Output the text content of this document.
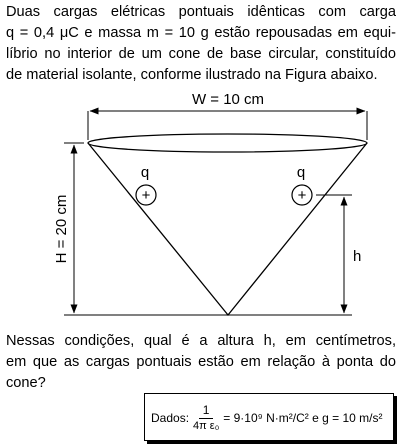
Duas cargas elétricas pontuais idênticas com carga
q = 0,4 μC e massa m = 10 g estão repousadas em equi-
líbrio no interior de um cone de base circular, constituído
de material isolante, conforme ilustrado na Figura abaixo.
W = 10 cm
H = 20 cm	h
q
+
q
+
Nessas condições, qual é a altura h, em centímetros,
em que as cargas pontuais estão em relação à ponta do
cone?
Dados: $\frac{1}{\text{4π ε₀}} = 9\cdot 10^9$ N·m²/C² e g = 10 m/s²
